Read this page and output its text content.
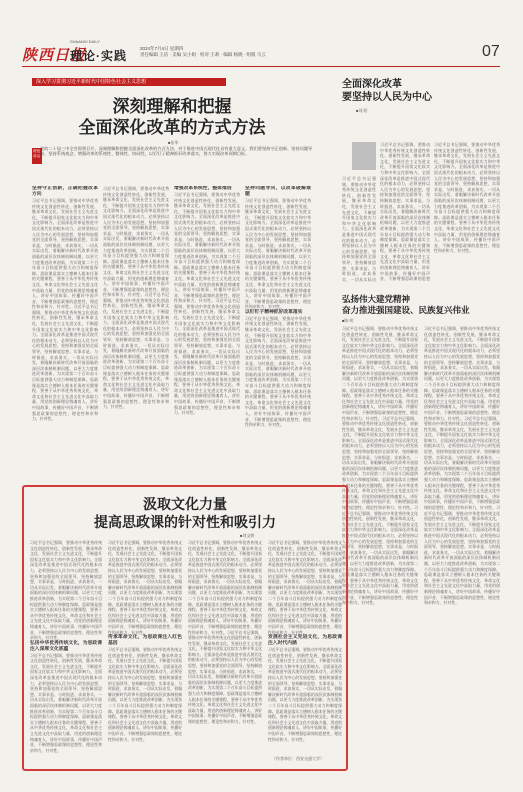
陕西日报
SHAANXI DAILY
理论·实践
2024年7月4日 星期四
责任编辑 王洁 · 美编 吴小娟 · 校对 王莉 · 编辑 杨晓 · 组版 马云	07
深入学习贯彻习近平新时代中国特色社会主义思想
深刻理解和把握
全面深化改革的方式方法
■张华
理论前沿
党的二十届三中全会即将召开，深刻理解和把握全面深化改革的方式方法，对于推进中国式现代化具有重大意义。我们要坚持守正创新、坚持问题导向、坚持系统观念，增强改革的系统性、整体性、协同性，以钉钉子精神抓好改革落实，努力实现改革预期目标。
坚持守正创新，正确把握改革方向
习近平总书记强调，要推动中华优秀传统文化创造性转化、创新性发展，继承革命文化，发展社会主义先进文化，不断提升国家文化软实力和中华文化影响力。全面深化改革是推进中国式现代化的根本动力，必须坚持以人民为中心的发展思想，坚持和加强党的全面领导，坚持解放思想、实事求是、与时俱进、求真务实，一切从实际出发，着眼解决新时代改革开放面临的深层次体制机制问题，以更大力度推进改革创新，为实现第二个百年奋斗目标提供强大动力和制度保障。思政课是落实立德树人根本任务的关键课程，要善于从中华优秀传统文化、革命文化和社会主义先进文化中汲取力量，用党的创新理论铸魂育人，讲好中国故事，传播好中国声音，不断增强思政课的思想性、理论性和亲和力、针对性。习近平总书记强调，要推动中华优秀传统文化创造性转化、创新性发展，继承革命文化，发展社会主义先进文化，不断提升国家文化软实力和中华文化影响力。全面深化改革是推进中国式现代化的根本动力，必须坚持以人民为中心的发展思想，坚持和加强党的全面领导，坚持解放思想、实事求是、与时俱进、求真务实，一切从实际出发，着眼解决新时代改革开放面临的深层次体制机制问题，以更大力度推进改革创新，为实现第二个百年奋斗目标提供强大动力和制度保障。思政课是落实立德树人根本任务的关键课程，要善于从中华优秀传统文化、革命文化和社会主义先进文化中汲取力量，用党的创新理论铸魂育人，讲好中国故事，传播好中国声音，不断增强思政课的思想性、理论性和亲和力、针对性。
习近平总书记强调，要推动中华优秀传统文化创造性转化、创新性发展，继承革命文化，发展社会主义先进文化，不断提升国家文化软实力和中华文化影响力。全面深化改革是推进中国式现代化的根本动力，必须坚持以人民为中心的发展思想，坚持和加强党的全面领导，坚持解放思想、实事求是、与时俱进、求真务实，一切从实际出发，着眼解决新时代改革开放面临的深层次体制机制问题，以更大力度推进改革创新，为实现第二个百年奋斗目标提供强大动力和制度保障。思政课是落实立德树人根本任务的关键课程，要善于从中华优秀传统文化、革命文化和社会主义先进文化中汲取力量，用党的创新理论铸魂育人，讲好中国故事，传播好中国声音，不断增强思政课的思想性、理论性和亲和力、针对性。习近平总书记强调，要推动中华优秀传统文化创造性转化、创新性发展，继承革命文化，发展社会主义先进文化，不断提升国家文化软实力和中华文化影响力。全面深化改革是推进中国式现代化的根本动力，必须坚持以人民为中心的发展思想，坚持和加强党的全面领导，坚持解放思想、实事求是、与时俱进、求真务实，一切从实际出发，着眼解决新时代改革开放面临的深层次体制机制问题，以更大力度推进改革创新，为实现第二个百年奋斗目标提供强大动力和制度保障。思政课是落实立德树人根本任务的关键课程，要善于从中华优秀传统文化、革命文化和社会主义先进文化中汲取力量，用党的创新理论铸魂育人，讲好中国故事，传播好中国声音，不断增强思政课的思想性、理论性和亲和力、针对性。
增强改革系统性，整体推进
习近平总书记强调，要推动中华优秀传统文化创造性转化、创新性发展，继承革命文化，发展社会主义先进文化，不断提升国家文化软实力和中华文化影响力。全面深化改革是推进中国式现代化的根本动力，必须坚持以人民为中心的发展思想，坚持和加强党的全面领导，坚持解放思想、实事求是、与时俱进、求真务实，一切从实际出发，着眼解决新时代改革开放面临的深层次体制机制问题，以更大力度推进改革创新，为实现第二个百年奋斗目标提供强大动力和制度保障。思政课是落实立德树人根本任务的关键课程，要善于从中华优秀传统文化、革命文化和社会主义先进文化中汲取力量，用党的创新理论铸魂育人，讲好中国故事，传播好中国声音，不断增强思政课的思想性、理论性和亲和力、针对性。习近平总书记强调，要推动中华优秀传统文化创造性转化、创新性发展，继承革命文化，发展社会主义先进文化，不断提升国家文化软实力和中华文化影响力。全面深化改革是推进中国式现代化的根本动力，必须坚持以人民为中心的发展思想，坚持和加强党的全面领导，坚持解放思想、实事求是、与时俱进、求真务实，一切从实际出发，着眼解决新时代改革开放面临的深层次体制机制问题，以更大力度推进改革创新，为实现第二个百年奋斗目标提供强大动力和制度保障。思政课是落实立德树人根本任务的关键课程，要善于从中华优秀传统文化、革命文化和社会主义先进文化中汲取力量，用党的创新理论铸魂育人，讲好中国故事，传播好中国声音，不断增强思政课的思想性、理论性和亲和力、针对性。
坚持问题导向，以改革破解难题
习近平总书记强调，要推动中华优秀传统文化创造性转化、创新性发展，继承革命文化，发展社会主义先进文化，不断提升国家文化软实力和中华文化影响力。全面深化改革是推进中国式现代化的根本动力，必须坚持以人民为中心的发展思想，坚持和加强党的全面领导，坚持解放思想、实事求是、与时俱进、求真务实，一切从实际出发，着眼解决新时代改革开放面临的深层次体制机制问题，以更大力度推进改革创新，为实现第二个百年奋斗目标提供强大动力和制度保障。思政课是落实立德树人根本任务的关键课程，要善于从中华优秀传统文化、革命文化和社会主义先进文化中汲取力量，用党的创新理论铸魂育人，讲好中国故事，传播好中国声音，不断增强思政课的思想性、理论性和亲和力、针对性。
以钉钉子精神抓好改革落实
习近平总书记强调，要推动中华优秀传统文化创造性转化、创新性发展，继承革命文化，发展社会主义先进文化，不断提升国家文化软实力和中华文化影响力。全面深化改革是推进中国式现代化的根本动力，必须坚持以人民为中心的发展思想，坚持和加强党的全面领导，坚持解放思想、实事求是、与时俱进、求真务实，一切从实际出发，着眼解决新时代改革开放面临的深层次体制机制问题，以更大力度推进改革创新，为实现第二个百年奋斗目标提供强大动力和制度保障。思政课是落实立德树人根本任务的关键课程，要善于从中华优秀传统文化、革命文化和社会主义先进文化中汲取力量，用党的创新理论铸魂育人，讲好中国故事，传播好中国声音，不断增强思政课的思想性、理论性和亲和力、针对性。
全面深化改革
要坚持以人民为中心
■刘 阳
习近平总书记强调，要推动中华优秀传统文化创造性转化、创新性发展，继承革命文化，发展社会主义先进文化，不断提升国家文化软实力和中华文化影响力。全面深化改革是推进中国式现代化的根本动力，必须坚持以人民为中心的发展思想，坚持和加强党的全面领导，坚持解放思想、实事求是、与时俱进、求真务实，一切从实际出发，着眼解决新时代改革开放面临的深层次体制机制问题，以更大力度推进改革创新，为实现第二个百年奋斗目标提供强大动力和制度保障。思政课是落实立德树人根本任务的关键课程，要善于从中华优秀传统文化、革命文化和社会主义先进文化中汲取力量，用党的创新理论铸魂育人，讲好中国故事，传播好中国声音，不断增强思政课的思想
习近平总书记强调，要推动中华优秀传统文化创造性转化、创新性发展，继承革命文化，发展社会主义先进文化，不断提升国家文化软实力和中华文化影响力。全面深化改革是推进中国式现代化的根本动力，必须坚持以人民为中心的发展思想，坚持和加强党的全面领导，坚持解放思想、实事求是、与时俱进、求真务实，一切从实际出发，着眼解决新时代改革开放面临的深层次体制机制问题，以更大力度推进改革创新，为实现第二个百年奋斗目标提供强大动力和制度保障。思政课是落实立德树人根本任务的关键课程，要善于从中华优秀传统文化、革命文化和社会主义先进文化中汲取力量，用党的创新理论铸魂育人，讲好中国故事，传播好中国声音，不断增强思政课的思想性、理论性和亲和力、针对性。
习近平总书记强调，要推动中华优秀传统文化创造性转化、创新性发展，继承革命文化，发展社会主义先进文化，不断提升国家文化软实力和中华文化影响力。全面深化改革是推进中国式现代化的根本动力，必须坚持以人民为中心的发展思想，坚持和加强党的全面领导，坚持解放思想、实事求是、与时俱进、求真务实，一切从实际出
弘扬伟大建党精神
奋力推进强国建设、民族复兴伟业
■陈 明
习近平总书记强调，要推动中华优秀传统文化创造性转化、创新性发展，继承革命文化，发展社会主义先进文化，不断提升国家文化软实力和中华文化影响力。全面深化改革是推进中国式现代化的根本动力，必须坚持以人民为中心的发展思想，坚持和加强党的全面领导，坚持解放思想、实事求是、与时俱进、求真务实，一切从实际出发，着眼解决新时代改革开放面临的深层次体制机制问题，以更大力度推进改革创新，为实现第二个百年奋斗目标提供强大动力和制度保障。思政课是落实立德树人根本任务的关键课程，要善于从中华优秀传统文化、革命文化和社会主义先进文化中汲取力量，用党的创新理论铸魂育人，讲好中国故事，传播好中国声音，不断增强思政课的思想性、理论性和亲和力、针对性。习近平总书记强调，要推动中华优秀传统文化创造性转化、创新性发展，继承革命文化，发展社会主义先进文化，不断提升国家文化软实力和中华文化影响力。全面深化改革是推进中国式现代化的根本动力，必须坚持以人民为中心的发展思想，坚持和加强党的全面领导，坚持解放思想、实事求是、与时俱进、求真务实，一切从实际出发，着眼解决新时代改革开放面临的深层次体制机制问题，以更大力度推进改革创新，为实现第二个百年奋斗目标提供强大动力和制度保障。思政课是落实立德树人根本任务的关键课程，要善于从中华优秀传统文化、革命文化和社会主义先进文化中汲取力量，用党的创新理论铸魂育人，讲好中国故事，传播好中国声音，不断增强思政课的思想性、理论性和亲和力、针对性。习近平总书记强调，要推动中华优秀传统文化创造性转化、创新性发展，继承革命文化，发展社会主义先进文化，不断提升国家文化软实力和中华文化影响力。全面深化改革是推进中国式现代化的根本动力，必须坚持以人民为中心的发展思想，坚持和加强党的全面领导，坚持解放思想、实事求是、与时俱进、求真务实，一切从实际出发，着眼解决新时代改革开放面临的深层次体制机制问题，以更大力度推进改革创新，为实现第二个百年奋斗目标提供强大动力和制度保障。思政课是落实立德树人根本任务的关键课程，要善于从中华优秀传统文化、革命文化和社会主义先进文化中汲取力量，用党的创新理论铸魂育人，讲好中国故事，传播好中国声音，不断增强思政课的思想性、理论性和亲和力、针对性。
习近平总书记强调，要推动中华优秀传统文化创造性转化、创新性发展，继承革命文化，发展社会主义先进文化，不断提升国家文化软实力和中华文化影响力。全面深化改革是推进中国式现代化的根本动力，必须坚持以人民为中心的发展思想，坚持和加强党的全面领导，坚持解放思想、实事求是、与时俱进、求真务实，一切从实际出发，着眼解决新时代改革开放面临的深层次体制机制问题，以更大力度推进改革创新，为实现第二个百年奋斗目标提供强大动力和制度保障。思政课是落实立德树人根本任务的关键课程，要善于从中华优秀传统文化、革命文化和社会主义先进文化中汲取力量，用党的创新理论铸魂育人，讲好中国故事，传播好中国声音，不断增强思政课的思想性、理论性和亲和力、针对性。习近平总书记强调，要推动中华优秀传统文化创造性转化、创新性发展，继承革命文化，发展社会主义先进文化，不断提升国家文化软实力和中华文化影响力。全面深化改革是推进中国式现代化的根本动力，必须坚持以人民为中心的发展思想，坚持和加强党的全面领导，坚持解放思想、实事求是、与时俱进、求真务实，一切从实际出发，着眼解决新时代改革开放面临的深层次体制机制问题，以更大力度推进改革创新，为实现第二个百年奋斗目标提供强大动力和制度保障。思政课是落实立德树人根本任务的关键课程，要善于从中华优秀传统文化、革命文化和社会主义先进文化中汲取力量，用党的创新理论铸魂育人，讲好中国故事，传播好中国声音，不断增强思政课的思想性、理论性和亲和力、针对性。习近平总书记强调，要推动中华优秀传统文化创造性转化、创新性发展，继承革命文化，发展社会主义先进文化，不断提升国家文化软实力和中华文化影响力。全面深化改革是推进中国式现代化的根本动力，必须坚持以人民为中心的发展思想，坚持和加强党的全面领导，坚持解放思想、实事求是、与时俱进、求真务实，一切从实际出发，着眼解决新时代改革开放面临的深层次体制机制问题，以更大力度推进改革创新，为实现第二个百年奋斗目标提供强大动力和制度保障。思政课是落实立德树人根本任务的关键课程，要善于从中华优秀传统文化、革命文化和社会主义先进文化中汲取力量，用党的创新理论铸魂育人，讲好中国故事，传播好中国声音，不断增强思政课的思想性、理论性和亲和力、针对性。
汲取文化力量
提高思政课的针对性和吸引力
■刘文婷
习近平总书记强调，要推动中华优秀传统文化创造性转化、创新性发展，继承革命文化，发展社会主义先进文化，不断提升国家文化软实力和中华文化影响力。全面深化改革是推进中国式现代化的根本动力，必须坚持以人民为中心的发展思想，坚持和加强党的全面领导，坚持解放思想、实事求是、与时俱进、求真务实，一切从实际出发，着眼解决新时代改革开放面临的深层次体制机制问题，以更大力度推进改革创新，为实现第二个百年奋斗目标提供强大动力和制度保障。思政课是落实立德树人根本任务的关键课程，要善于从中华优秀传统文化、革命文化和社会主义先进文化中汲取力量，用党的创新理论铸魂育人，讲好中国故事，传播好中国声音，不断增强思政课的思想性、理论性和亲和力、针对性。
弘扬中华优秀传统文化，为思政课注入深厚文化底蕴
习近平总书记强调，要推动中华优秀传统文化创造性转化、创新性发展，继承革命文化，发展社会主义先进文化，不断提升国家文化软实力和中华文化影响力。全面深化改革是推进中国式现代化的根本动力，必须坚持以人民为中心的发展思想，坚持和加强党的全面领导，坚持解放思想、实事求是、与时俱进、求真务实，一切从实际出发，着眼解决新时代改革开放面临的深层次体制机制问题，以更大力度推进改革创新，为实现第二个百年奋斗目标提供强大动力和制度保障。思政课是落实立德树人根本任务的关键课程，要善于从中华优秀传统文化、革命文化和社会主义先进文化中汲取力量，用党的创新理论铸魂育人，讲好中国故事，传播好中国声音，不断增强思政课的思想性、理论性和亲和力、针对性。
习近平总书记强调，要推动中华优秀传统文化创造性转化、创新性发展，继承革命文化，发展社会主义先进文化，不断提升国家文化软实力和中华文化影响力。全面深化改革是推进中国式现代化的根本动力，必须坚持以人民为中心的发展思想，坚持和加强党的全面领导，坚持解放思想、实事求是、与时俱进、求真务实，一切从实际出发，着眼解决新时代改革开放面临的深层次体制机制问题，以更大力度推进改革创新，为实现第二个百年奋斗目标提供强大动力和制度保障。思政课是落实立德树人根本任务的关键课程，要善于从中华优秀传统文化、革命文化和社会主义先进文化中汲取力量，用党的创新理论铸魂育人，讲好中国故事，传播好中国声音，不断增强思政课的思想性、理论性和亲和力、针对性。
传承革命文化，为思政课注入红色基因
习近平总书记强调，要推动中华优秀传统文化创造性转化、创新性发展，继承革命文化，发展社会主义先进文化，不断提升国家文化软实力和中华文化影响力。全面深化改革是推进中国式现代化的根本动力，必须坚持以人民为中心的发展思想，坚持和加强党的全面领导，坚持解放思想、实事求是、与时俱进、求真务实，一切从实际出发，着眼解决新时代改革开放面临的深层次体制机制问题，以更大力度推进改革创新，为实现第二个百年奋斗目标提供强大动力和制度保障。思政课是落实立德树人根本任务的关键课程，要善于从中华优秀传统文化、革命文化和社会主义先进文化中汲取力量，用党的创新理论铸魂育人，讲好中国故事，传播好中国声音，不断增强思政课的思想性、理论性和亲和力、针对性。
习近平总书记强调，要推动中华优秀传统文化创造性转化、创新性发展，继承革命文化，发展社会主义先进文化，不断提升国家文化软实力和中华文化影响力。全面深化改革是推进中国式现代化的根本动力，必须坚持以人民为中心的发展思想，坚持和加强党的全面领导，坚持解放思想、实事求是、与时俱进、求真务实，一切从实际出发，着眼解决新时代改革开放面临的深层次体制机制问题，以更大力度推进改革创新，为实现第二个百年奋斗目标提供强大动力和制度保障。思政课是落实立德树人根本任务的关键课程，要善于从中华优秀传统文化、革命文化和社会主义先进文化中汲取力量，用党的创新理论铸魂育人，讲好中国故事，传播好中国声音，不断增强思政课的思想性、理论性和亲和力、针对性。习近平总书记强调，要推动中华优秀传统文化创造性转化、创新性发展，继承革命文化，发展社会主义先进文化，不断提升国家文化软实力和中华文化影响力。全面深化改革是推进中国式现代化的根本动力，必须坚持以人民为中心的发展思想，坚持和加强党的全面领导，坚持解放思想、实事求是、与时俱进、求真务实，一切从实际出发，着眼解决新时代改革开放面临的深层次体制机制问题，以更大力度推进改革创新，为实现第二个百年奋斗目标提供强大动力和制度保障。思政课是落实立德树人根本任务的关键课程，要善于从中华优秀传统文化、革命文化和社会主义先进文化中汲取力量，用党的创新理论铸魂育人，讲好中国故事，传播好中国声音，不断增强思政课的思想性、理论性和亲和力、针对性。
习近平总书记强调，要推动中华优秀传统文化创造性转化、创新性发展，继承革命文化，发展社会主义先进文化，不断提升国家文化软实力和中华文化影响力。全面深化改革是推进中国式现代化的根本动力，必须坚持以人民为中心的发展思想，坚持和加强党的全面领导，坚持解放思想、实事求是、与时俱进、求真务实，一切从实际出发，着眼解决新时代改革开放面临的深层次体制机制问题，以更大力度推进改革创新，为实现第二个百年奋斗目标提供强大动力和制度保障。思政课是落实立德树人根本任务的关键课程，要善于从中华优秀传统文化、革命文化和社会主义先进文化中汲取力量，用党的创新理论铸魂育人，讲好中国故事，传播好中国声音，不断增强思政课的思想性、理论性和亲和力、针对性。
发展社会主义先进文化，为思政课注入时代内涵
习近平总书记强调，要推动中华优秀传统文化创造性转化、创新性发展，继承革命文化，发展社会主义先进文化，不断提升国家文化软实力和中华文化影响力。全面深化改革是推进中国式现代化的根本动力，必须坚持以人民为中心的发展思想，坚持和加强党的全面领导，坚持解放思想、实事求是、与时俱进、求真务实，一切从实际出发，着眼解决新时代改革开放面临的深层次体制机制问题，以更大力度推进改革创新，为实现第二个百年奋斗目标提供强大动力和制度保障。思政课是落实立德树人根本任务的关键课程，要善于从中华优秀传统文化、革命文化和社会主义先进文化中汲取力量，用党的创新理论铸魂育人，讲好中国故事，传播好中国声音，不断增强思政课的思想性、理论性和亲和力、针对性。
（作者单位：西安交通大学）
